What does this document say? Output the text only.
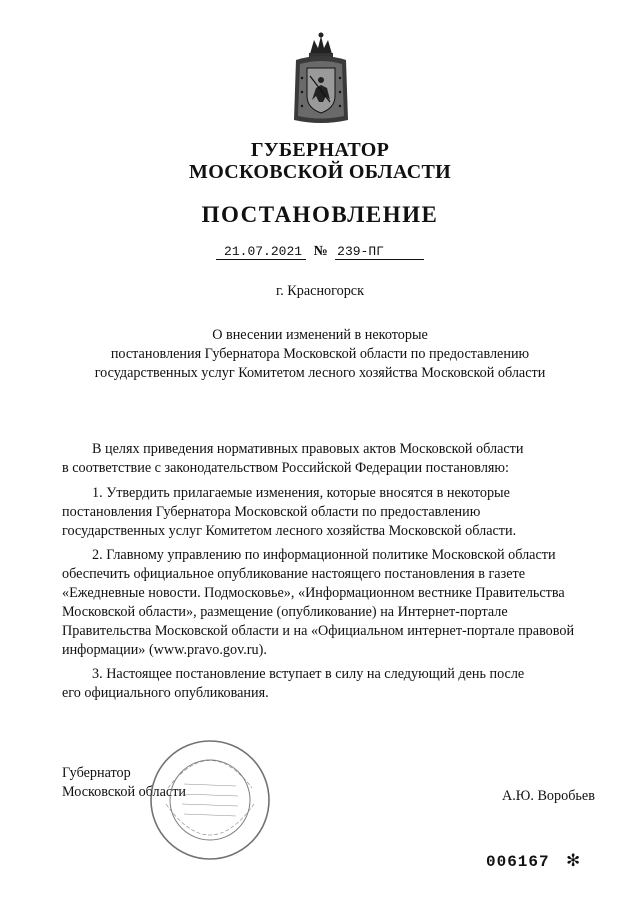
ГУБЕРНАТОР
МОСКОВСКОЙ ОБЛАСТИ
ПОСТАНОВЛЕНИЕ
21.07.2021 № 239-ПГ
г. Красногорск
О внесении изменений в некоторые
постановления Губернатора Московской области по предоставлению
государственных услуг Комитетом лесного хозяйства Московской области
В целях приведения нормативных правовых актов Московской области
в соответствие с законодательством Российской Федерации постановляю:
1. Утвердить прилагаемые изменения, которые вносятся в некоторые
постановления Губернатора Московской области по предоставлению
государственных услуг Комитетом лесного хозяйства Московской области.
2. Главному управлению по информационной политике Московской области
обеспечить официальное опубликование настоящего постановления в газете
«Ежедневные новости. Подмосковье», «Информационном вестнике Правительства
Московской области», размещение (опубликование) на Интернет-портале
Правительства Московской области и на «Официальном интернет-портале правовой
информации» (www.pravo.gov.ru).
3. Настоящее постановление вступает в силу на следующий день после
его официального опубликования.
Губернатор
Московской области	А.Ю. Воробьев
006167 ✻
